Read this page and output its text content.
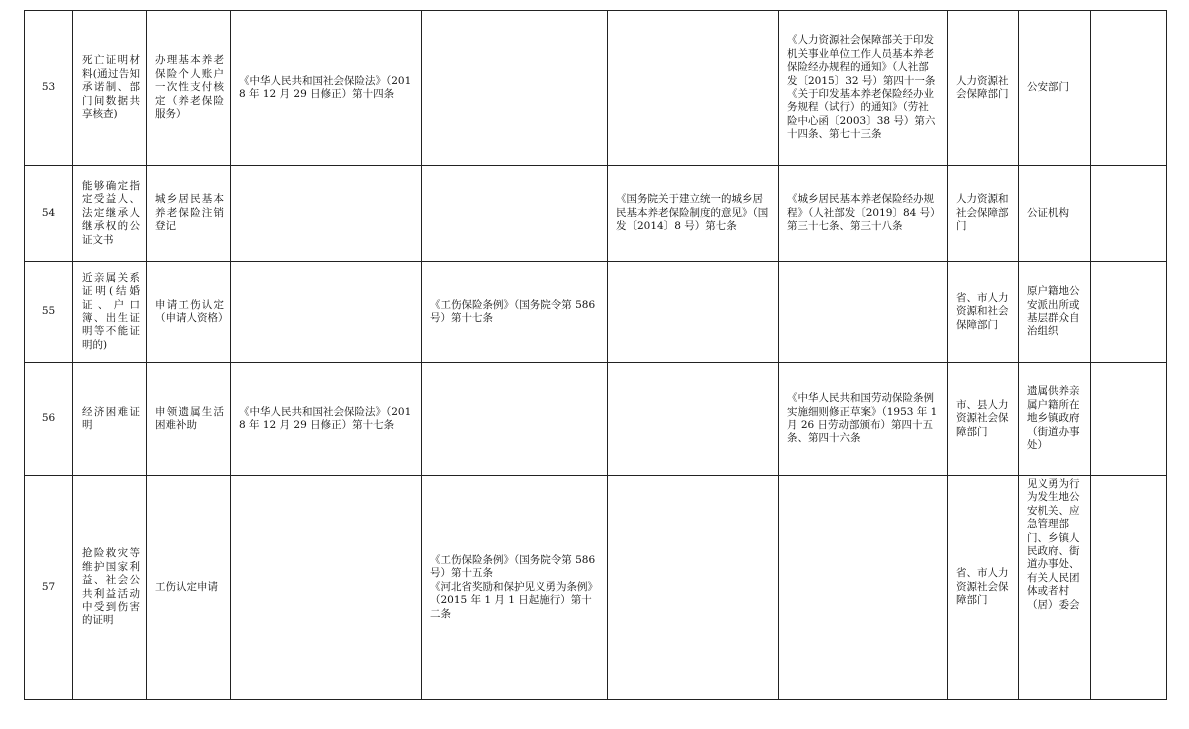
53	死亡证明材料(通过告知承诺制、部门间数据共享核查)	办理基本养老保险个人账户一次性支付核定（养老保险服务）	《中华人民共和国社会保险法》（2018 年 12 月 29 日修正）第十四条			《人力资源社会保障部关于印发机关事业单位工作人员基本养老保险经办规程的通知》（人社部发〔2015〕32 号）第四十一条
《关于印发基本养老保险经办业务规程（试行）的通知》（劳社险中心函〔2003〕38 号）第六十四条、第七十三条	人力资源社会保障部门	公安部门	

54	能够确定指定受益人、法定继承人继承权的公证文书	城乡居民基本养老保险注销登记			《国务院关于建立统一的城乡居民基本养老保险制度的意见》（国发〔2014〕8 号）第七条	《城乡居民基本养老保险经办规程》（人社部发〔2019〕84 号）第三十七条、第三十八条	人力资源和社会保障部门	公证机构	

55	近亲属关系证明(结婚证、户口簿、出生证明等不能证明的)	申请工伤认定（申请人资格）		《工伤保险条例》（国务院令第 586 号）第十七条			省、市人力资源和社会保障部门	原户籍地公安派出所或基层群众自治组织	

56	经济困难证明	申领遗属生活困难补助	《中华人民共和国社会保险法》（2018 年 12 月 29 日修正）第十七条			《中华人民共和国劳动保险条例实施细则修正草案》（1953 年 1 月 26 日劳动部颁布）第四十五条、第四十六条	市、县人力资源社会保障部门	遗属供养亲属户籍所在地乡镇政府（街道办事处）	

57	抢险救灾等维护国家利益、社会公共利益活动中受到伤害的证明	工伤认定申请		《工伤保险条例》（国务院令第 586 号）第十五条
《河北省奖励和保护见义勇为条例》（2015 年 1 月 1 日起施行）第十二条			省、市人力资源社会保障部门	见义勇为行为发生地公安机关、应急管理部门、乡镇人民政府、街道办事处、有关人民团体或者村（居）委会	
